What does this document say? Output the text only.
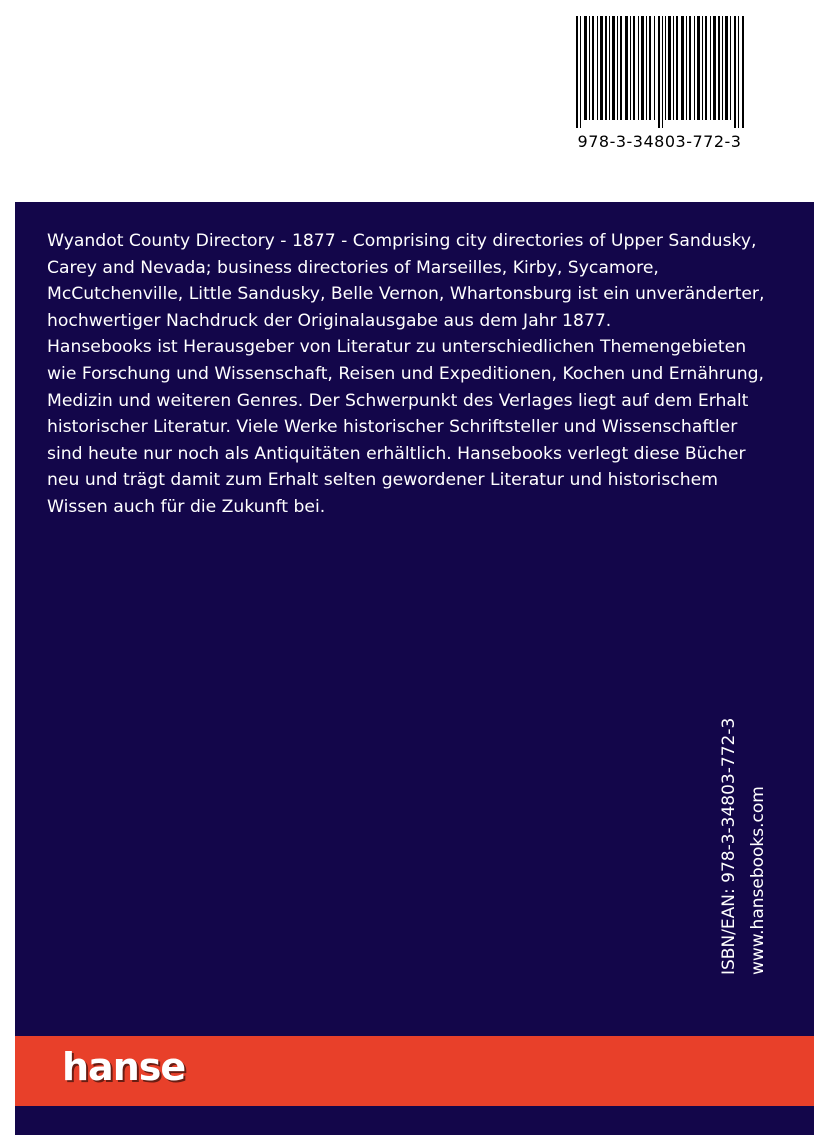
978-3-34803-772-3

Wyandot County Directory - 1877 - Comprising city directories of Upper Sandusky, Carey and Nevada; business directories of Marseilles, Kirby, Sycamore, McCutchenville, Little Sandusky, Belle Vernon, Whartonsburg ist ein unveränderter, hochwertiger Nachdruck der Originalausgabe aus dem Jahr 1877.

Hansebooks ist Herausgeber von Literatur zu unterschiedlichen Themengebieten wie Forschung und Wissenschaft, Reisen und Expeditionen, Kochen und Ernährung, Medizin und weiteren Genres. Der Schwerpunkt des Verlages liegt auf dem Erhalt historischer Literatur. Viele Werke historischer Schriftsteller und Wissenschaftler sind heute nur noch als Antiquitäten erhältlich. Hansebooks verlegt diese Bücher neu und trägt damit zum Erhalt selten gewordener Literatur und historischem Wissen auch für die Zukunft bei.

ISBN/EAN: 978-3-34803-772-3 www.hansebooks.com
hanse
